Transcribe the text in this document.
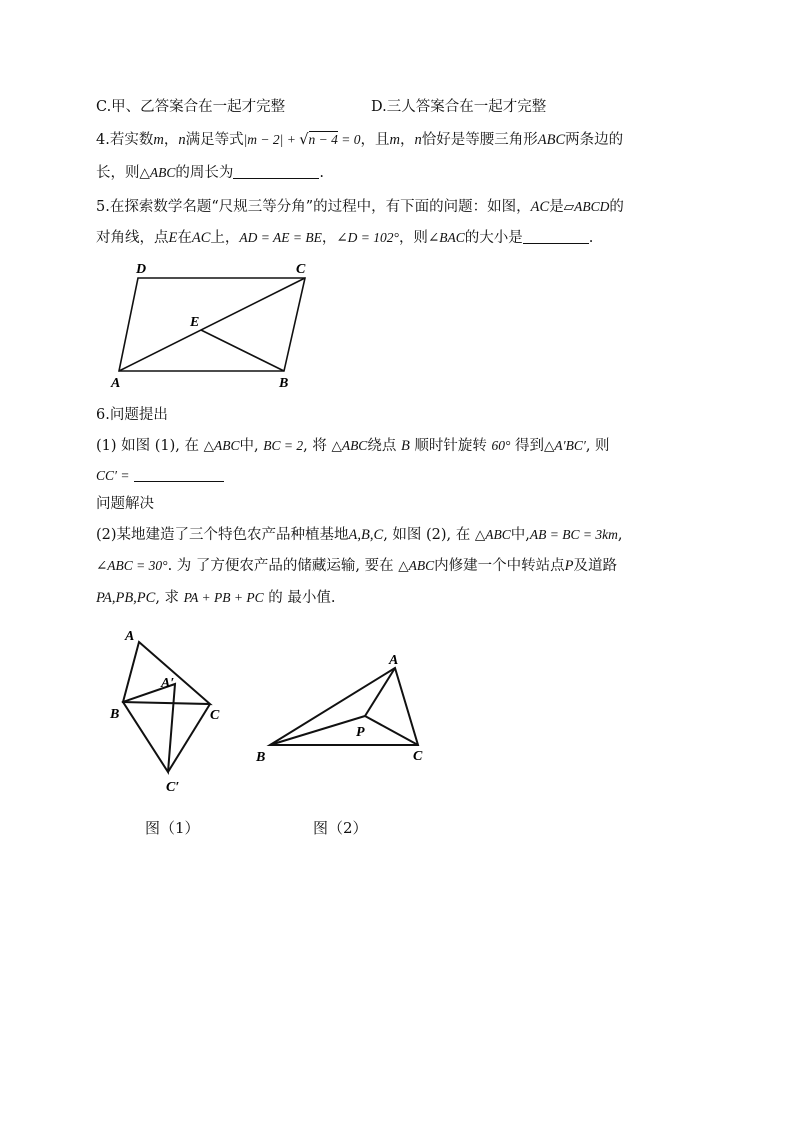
C.甲、乙答案合在一起才完整	D.三人答案合在一起才完整
4.若实数m，n满足等式|m − 2| + √n − 4 = 0，且m，n恰好是等腰三角形ABC两条边的
长，则△ABC的周长为	.
5.在探索数学名题“尺规三等分角”的过程中，有下面的问题：如图，AC是▱ABCD的
对角线，点E在AC上，AD = AE = BE，∠D = 102°，则∠BAC的大小是	.
D	C
E
A	B
6.问题提出
(1) 如图 (1), 在 △ABC中, BC = 2, 将 △ABC绕点 B 顺时针旋转 60° 得到△A′BC′, 则
CC′ =
问题解决
(2)某地建造了三个特色农产品种植基地A,B,C, 如图 (2), 在 △ABC中,AB = BC = 3km,
∠ABC = 30°. 为 了方便农产品的储藏运输, 要在 △ABC内修建一个中转站点P及道路
PA,PB,PC, 求 PA + PB + PC 的 最小值.
A
A′
B	C
C′
图（1）
A
B	C
P
图（2）
